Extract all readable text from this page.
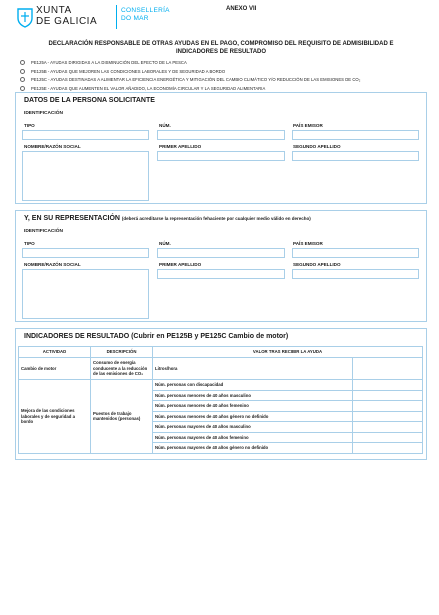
XUNTA
DE GALICIA
CONSELLERÍA
DO MAR
ANEXO VII
DECLARACIÓN RESPONSABLE DE OTRAS AYUDAS EN EL PAGO, COMPROMISO DEL REQUISITO DE ADMISIBILIDAD E
INDICADORES DE RESULTADO
PE125A - AYUDAS DIRIGIDAS A LA DISMINUCIÓN DEL EFECTO DE LA PESCA
PE125B - AYUDAS QUE MEJOREN LAS CONDICIONES LABORALES Y DE SEGURIDAD A BORDO
PE125C - AYUDAS DESTINADAS A ALIMENTAR LA EFICIENCIA ENERGÉTICA Y MITIGACIÓN DEL CAMBIO CLIMÁTICO Y/O REDUCCIÓN DE LAS EMISIONES DE CO₂
PE125E - AYUDAS QUE AUMENTEN EL VALOR AÑADIDO, LA ECONOMÍA CIRCULAR Y LA SEGURIDAD ALIMENTARIA
DATOS DE LA PERSONA SOLICITANTE
IDENTIFICACIÓN
TIPO	NÚM.	PAÍS EMISOR
NOMBRE/RAZÓN SOCIAL	PRIMER APELLIDO	SEGUNDO APELLIDO
Y, EN SU REPRESENTACIÓN (deberá acreditarse la representación fehaciente por cualquier medio válido en derecho)
IDENTIFICACIÓN
TIPO	NÚM.	PAÍS EMISOR
NOMBRE/RAZÓN SOCIAL	PRIMER APELLIDO	SEGUNDO APELLIDO
INDICADORES DE RESULTADO (Cubrir en PE125B y PE125C Cambio de motor)
ACTIVIDAD	DESCRIPCIÓN	VALOR TRAS RECIBIR LA AYUDA	
Cambio de motor	Consumo de energía conducente a la reducción de las emisiones de CO₂	Litros/hora	
Mejora de las condiciones laborales y de seguridad a bordo	Puestos de trabajo mantenidos (personas)	Núm. personas con discapacidad	
		Núm. personas menores de 40 años masculino	
		Núm. personas menores de 40 años femenino	
		Núm. personas menores de 40 años género no definido	
		Núm. personas mayores de 40 años masculino	
		Núm. personas mayores de 40 años femenino	
		Núm. personas mayores de 40 años género no definido	
